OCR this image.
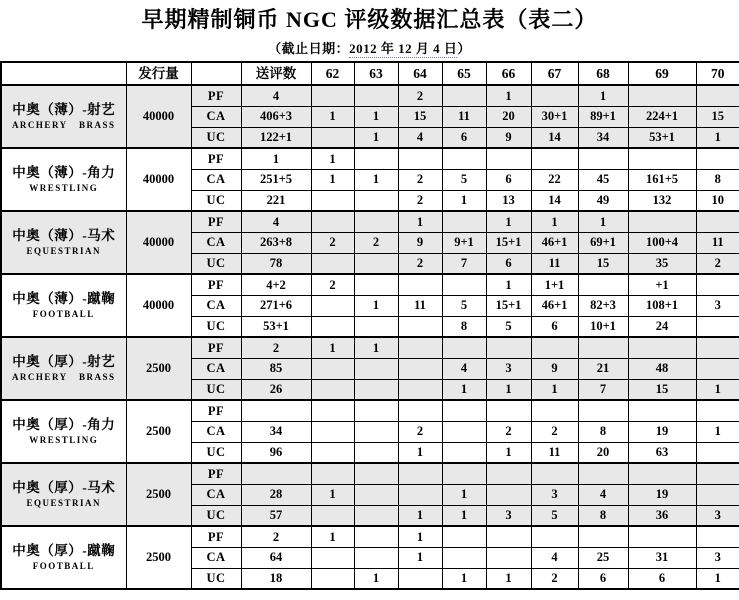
早期精制铜币 NGC 评级数据汇总表（表二）
（截止日期：2012 年 12 月 4 日）
	发行量		送评数	62	63	64	65	66	67	68	69	70

中奥（薄）-射艺
ARCHERY BRASS	40000	PF	4			2		1		1		
		CA	406+3	1	1	15	11	20	30+1	89+1	224+1	15
		UC	122+1		1	4	6	9	14	34	53+1	1

中奥（薄）-角力
WRESTLING	40000	PF	1	1								
		CA	251+5	1	1	2	5	6	22	45	161+5	8
		UC	221			2	1	13	14	49	132	10

中奥（薄）-马术
EQUESTRIAN	40000	PF	4			1		1	1	1		
		CA	263+8	2	2	9	9+1	15+1	46+1	69+1	100+4	11
		UC	78			2	7	6	11	15	35	2

中奥（薄）-蹴鞠
FOOTBALL	40000	PF	4+2	2				1	1+1		+1	
		CA	271+6		1	11	5	15+1	46+1	82+3	108+1	3
		UC	53+1				8	5	6	10+1	24	

中奥（厚）-射艺
ARCHERY BRASS	2500	PF	2	1	1							
		CA	85				4	3	9	21	48	
		UC	26				1	1	1	7	15	1

中奥（厚）-角力
WRESTLING	2500	PF										
		CA	34			2		2	2	8	19	1
		UC	96			1		1	11	20	63	

中奥（厚）-马术
EQUESTRIAN	2500	PF										
		CA	28	1			1		3	4	19	
		UC	57			1	1	3	5	8	36	3

中奥（厚）-蹴鞠
FOOTBALL	2500	PF	2	1		1						
		CA	64			1			4	25	31	3
		UC	18		1		1	1	2	6	6	1
